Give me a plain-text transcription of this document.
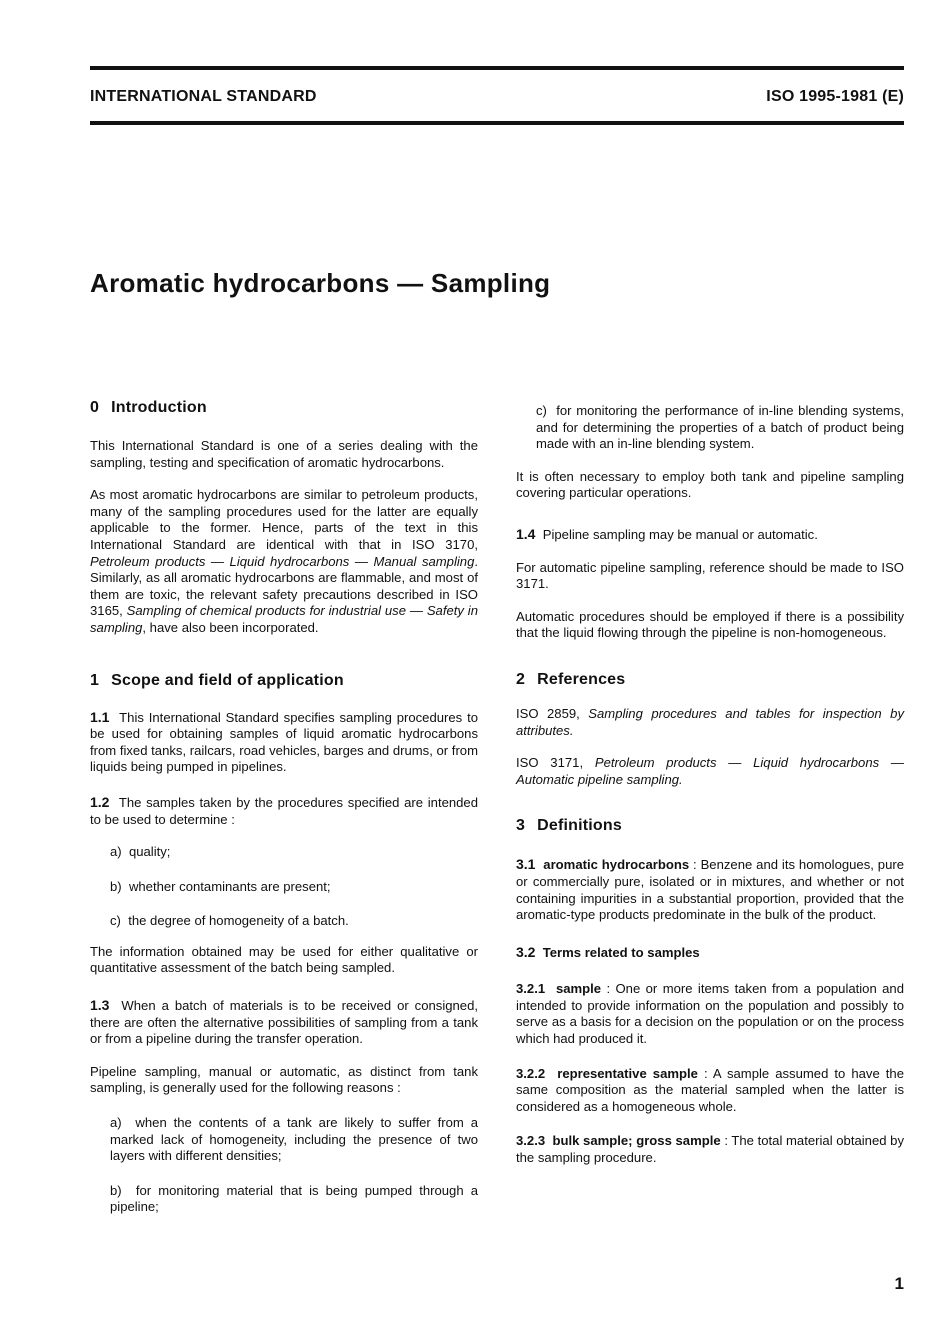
INTERNATIONAL STANDARD	ISO 1995-1981 (E)
Aromatic hydrocarbons — Sampling
0 Introduction

This International Standard is one of a series dealing with the sampling, testing and specification of aromatic hydrocarbons.

As most aromatic hydrocarbons are similar to petroleum products, many of the sampling procedures used for the latter are equally applicable to the former. Hence, parts of the text in this International Standard are identical with that in ISO 3170, Petroleum products — Liquid hydrocarbons — Manual sampling. Similarly, as all aromatic hydrocarbons are flammable, and most of them are toxic, the relevant safety precautions described in ISO 3165, Sampling of chemical products for industrial use — Safety in sampling, have also been incorporated.

1 Scope and field of application

1.1 This International Standard specifies sampling procedures to be used for obtaining samples of liquid aromatic hydrocarbons from fixed tanks, railcars, road vehicles, barges and drums, or from liquids being pumped in pipelines.

1.2 The samples taken by the procedures specified are intended to be used to determine :

a) quality;

b) whether contaminants are present;

c) the degree of homogeneity of a batch.

The information obtained may be used for either qualitative or quantitative assessment of the batch being sampled.

1.3 When a batch of materials is to be received or consigned, there are often the alternative possibilities of sampling from a tank or from a pipeline during the transfer operation.

Pipeline sampling, manual or automatic, as distinct from tank sampling, is generally used for the following reasons :

a) when the contents of a tank are likely to suffer from a marked lack of homogeneity, including the presence of two layers with different densities;

b) for monitoring material that is being pumped through a pipeline;

c) for monitoring the performance of in-line blending systems, and for determining the properties of a batch of product being made with an in-line blending system.

It is often necessary to employ both tank and pipeline sampling covering particular operations.

1.4 Pipeline sampling may be manual or automatic.

For automatic pipeline sampling, reference should be made to ISO 3171.

Automatic procedures should be employed if there is a possibility that the liquid flowing through the pipeline is non-homogeneous.

2 References

ISO 2859, Sampling procedures and tables for inspection by attributes.

ISO 3171, Petroleum products — Liquid hydrocarbons — Automatic pipeline sampling.

3 Definitions

3.1 aromatic hydrocarbons : Benzene and its homologues, pure or commercially pure, isolated or in mixtures, and whether or not containing impurities in a substantial proportion, provided that the aromatic-type products predominate in the bulk of the product.

3.2 Terms related to samples

3.2.1 sample : One or more items taken from a population and intended to provide information on the population and possibly to serve as a basis for a decision on the population or on the process which had produced it.

3.2.2 representative sample : A sample assumed to have the same composition as the material sampled when the latter is considered as a homogeneous whole.

3.2.3 bulk sample; gross sample : The total material obtained by the sampling procedure.

1
